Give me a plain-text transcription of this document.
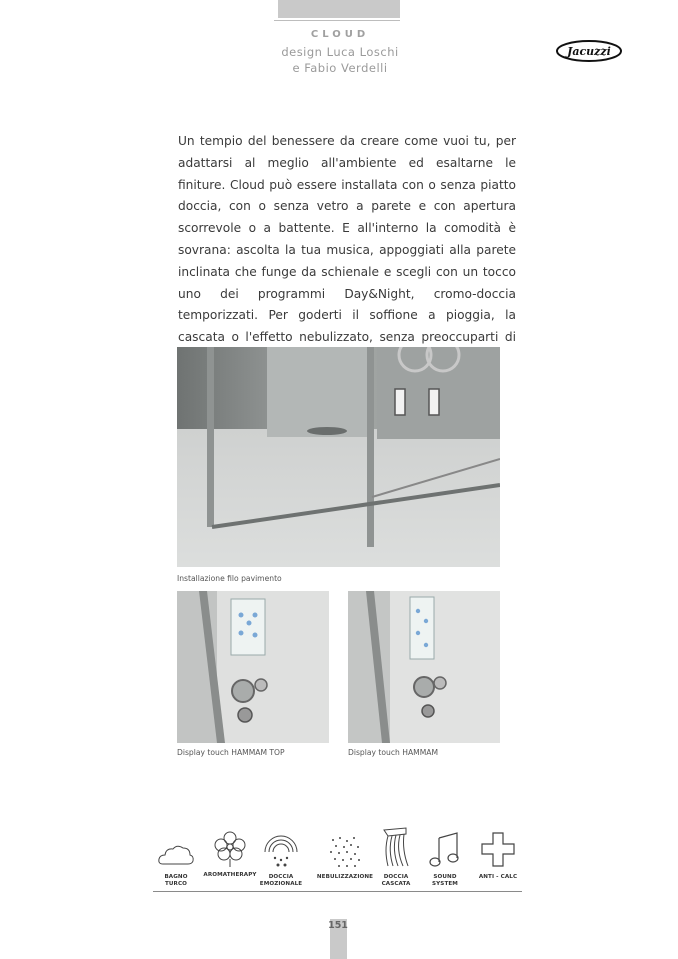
CLOUD
design Luca Loschi
e Fabio Verdelli
Jacuzzi
Un tempio del benessere da creare come vuoi tu, per adattarsi al meglio all'ambiente ed esaltarne le finiture. Cloud può essere installata con o senza piatto doccia, con o senza vetro a parete e con apertura scorrevole o a battente. E all'interno la comodità è sovrana: ascolta la tua musica, appoggiati alla parete inclinata che funge da schienale e scegli con un tocco uno dei programmi Day&Night, cromo-doccia temporizzati. Per goderti il soffione a pioggia, la cascata o l'effetto nebulizzato, senza preoccuparti di
Installazione filo pavimento
Display touch HAMMAM TOP	Display touch HAMMAM
BAGNO
TURCO
AROMATHERAPY	DOCCIA
EMOZIONALE
NEBULIZZAZIONE	DOCCIA
CASCATA
SOUND SYSTEM
ANTI - CALC
151
